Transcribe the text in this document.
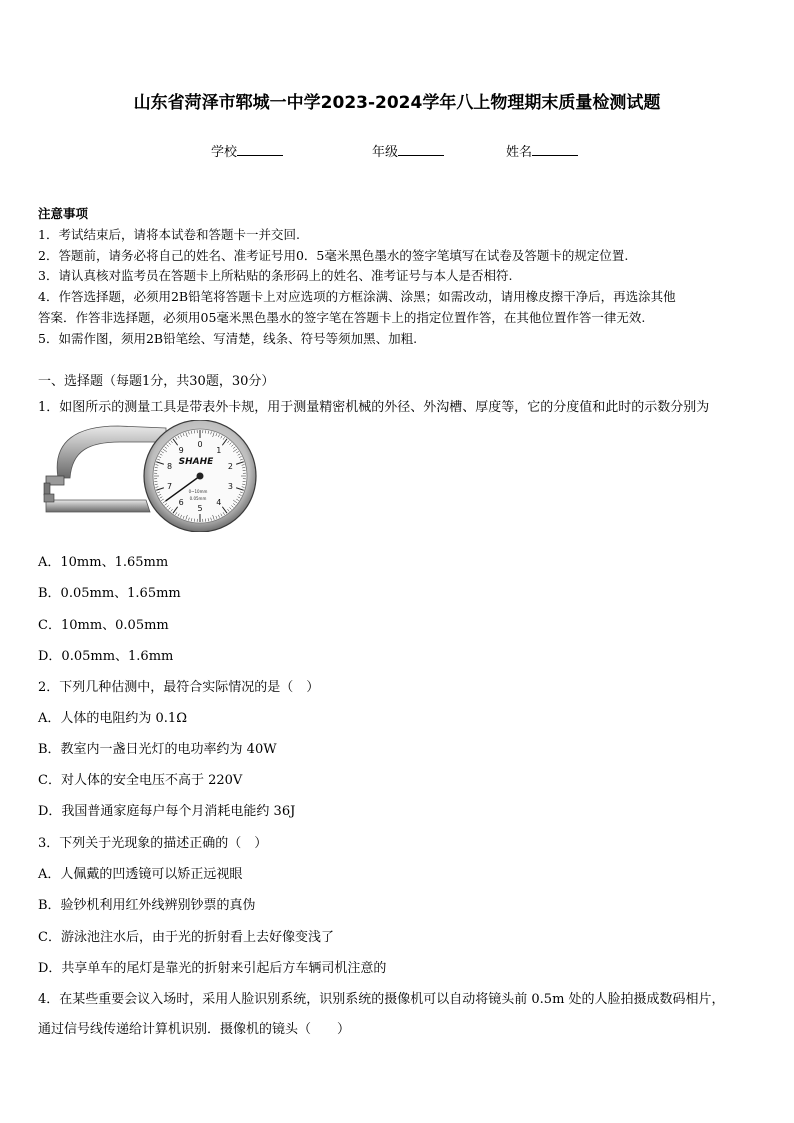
山东省菏泽市郓城一中学2023-2024学年八上物理期末质量检测试题
学校	年级	姓名
注意事项
1．考试结束后，请将本试卷和答题卡一并交回.
2．答题前，请务必将自己的姓名、准考证号用0．5毫米黑色墨水的签字笔填写在试卷及答题卡的规定位置.
3．请认真核对监考员在答题卡上所粘贴的条形码上的姓名、准考证号与本人是否相符.
4．作答选择题，必须用2B铅笔将答题卡上对应选项的方框涂满、涂黑；如需改动，请用橡皮擦干净后，再选涂其他
答案．作答非选择题，必须用05毫米黑色墨水的签字笔在答题卡上的指定位置作答，在其他位置作答一律无效.
5．如需作图，须用2B铅笔绘、写清楚，线条、符号等须加黑、加粗.
一、选择题（每题1分，共30题，30分）
1．如图所示的测量工具是带表外卡规，用于测量精密机械的外径、外沟槽、厚度等，它的分度值和此时的示数分别为
0
1
2
3
4
5
6
7
8
9
SHAHE
0~10mm
0.05mm
A．10mm、1.65mm
B．0.05mm、1.65mm
C．10mm、0.05mm
D．0.05mm、1.6mm
2．下列几种估测中，最符合实际情况的是（　）
A．人体的电阻约为 0.1Ω
B．教室内一盏日光灯的电功率约为 40W
C．对人体的安全电压不高于 220V
D．我国普通家庭每户每个月消耗电能约 36J
3．下列关于光现象的描述正确的（　）
A．人佩戴的凹透镜可以矫正远视眼
B．验钞机利用红外线辨别钞票的真伪
C．游泳池注水后，由于光的折射看上去好像变浅了
D．共享单车的尾灯是靠光的折射来引起后方车辆司机注意的
4．在某些重要会议入场时，采用人脸识别系统，识别系统的摄像机可以自动将镜头前 0.5m 处的人脸拍摄成数码相片，
通过信号线传递给计算机识别．摄像机的镜头（　　）
